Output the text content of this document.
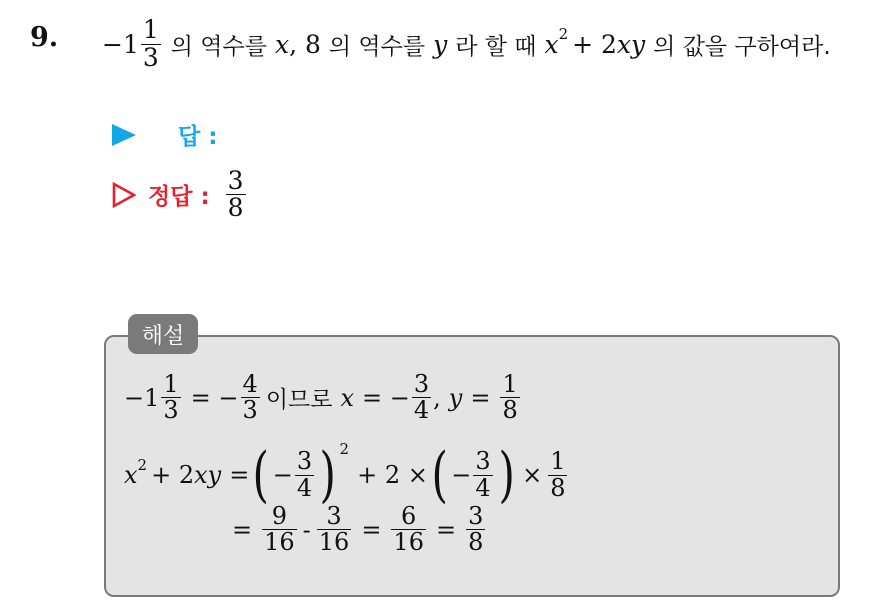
9. $-1 \frac{1}{3}$ 의 역수를 x , 8 의 역수를 y 라 할 때 x 2 + 2 xy 의 값을 구하여라.
답 :
정답 : $\frac{3}{8}$
해설
$-1 \frac{1}{3}$ = − $\frac{4}{3}$ 이므로 x = − $\frac{3}{4}$ , $y = \frac{1}{8}$
x 2 + 2 xy = ( − $\frac{3}{4}$ ) 2
+ 2 × ( − $\frac{3}{4}$ ) × $\frac{1}{8}$
= $\frac{9}{16} - \frac{3}{16} = \frac{6}{16} = \frac{3}{8}$
